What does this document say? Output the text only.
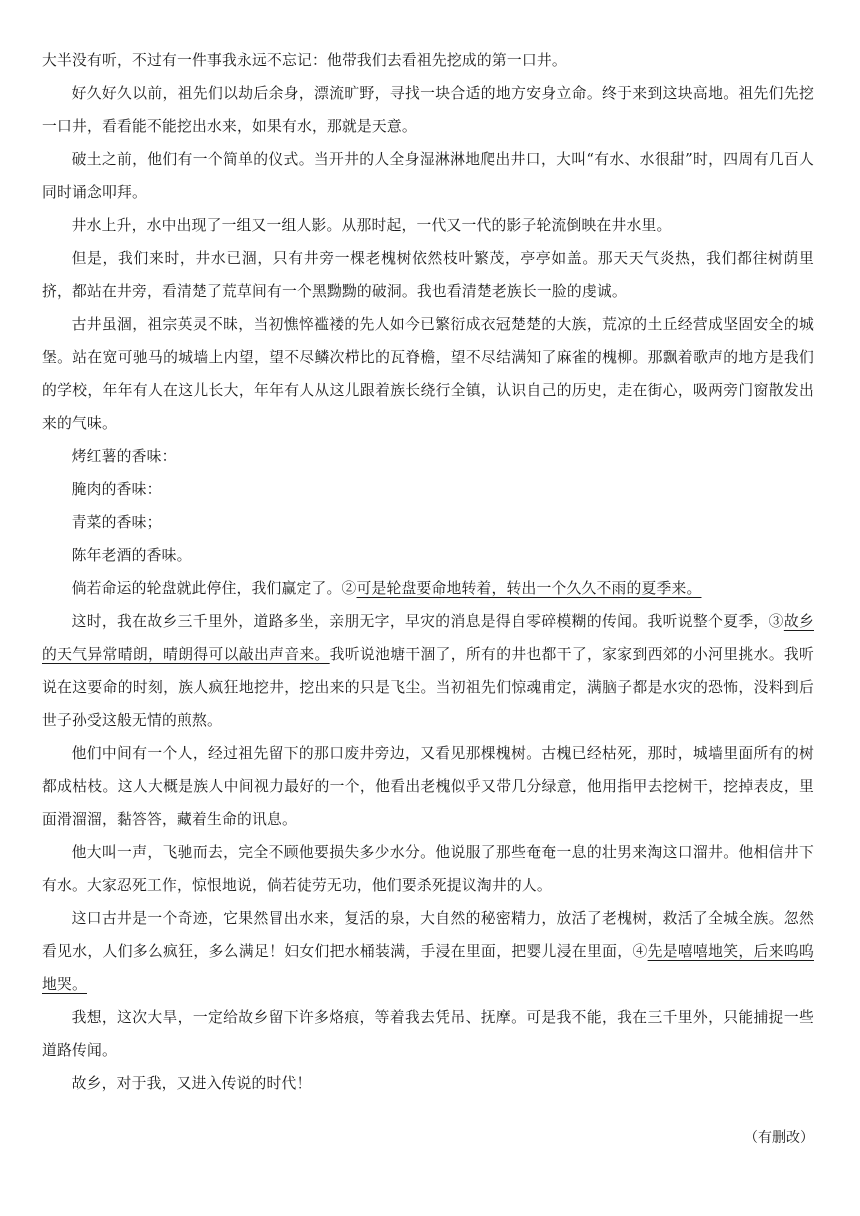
大半没有听，不过有一件事我永远不忘记：他带我们去看祖先挖成的第一口井。

好久好久以前，祖先们以劫后余身，漂流旷野，寻找一块合适的地方安身立命。终于来到这块高地。祖先们先挖一口井，看看能不能挖出水来，如果有水，那就是天意。

破土之前，他们有一个简单的仪式。当开井的人全身湿淋淋地爬出井口，大叫“有水、水很甜”时，四周有几百人同时诵念叩拜。

井水上升，水中出现了一组又一组人影。从那时起，一代又一代的影子轮流倒映在井水里。

但是，我们来时，井水已涸，只有井旁一棵老槐树依然枝叶繁茂，亭亭如盖。那天天气炎热，我们都往树荫里挤，都站在井旁，看清楚了荒草间有一个黑黝黝的破洞。我也看清楚老族长一脸的虔诚。

古井虽涸，祖宗英灵不昧，当初憔悴褴褛的先人如今已繁衍成衣冠楚楚的大族，荒凉的土丘经营成坚固安全的城堡。站在宽可驰马的城墙上内望，望不尽鳞次栉比的瓦脊檐，望不尽结满知了麻雀的槐柳。那飘着歌声的地方是我们的学校，年年有人在这儿长大，年年有人从这儿跟着族长绕行全镇，认识自己的历史，走在街心，吸两旁门窗散发出来的气味。

烤红薯的香味：

腌肉的香味：

青菜的香味；

陈年老酒的香味。

倘若命运的轮盘就此停住，我们赢定了。②可是轮盘要命地转着，转出一个久久不雨的夏季来。

这时，我在故乡三千里外，道路多坐，亲朋无字，早灾的消息是得自零碎模糊的传闻。我听说整个夏季，③故乡的天气异常晴朗，晴朗得可以敲出声音来。我听说池塘干涸了，所有的井也都干了，家家到西郊的小河里挑水。我听说在这要命的时刻，族人疯狂地挖井，挖出来的只是飞尘。当初祖先们惊魂甫定，满脑子都是水灾的恐怖，没料到后世子孙受这般无情的煎熬。

他们中间有一个人，经过祖先留下的那口废井旁边，又看见那棵槐树。古槐已经枯死，那时，城墙里面所有的树都成枯枝。这人大概是族人中间视力最好的一个，他看出老槐似乎又带几分绿意，他用指甲去挖树干，挖掉表皮，里面滑溜溜，黏答答，藏着生命的讯息。

他大叫一声，飞驰而去，完全不顾他要损失多少水分。他说服了那些奄奄一息的壮男来淘这口溜井。他相信井下有水。大家忍死工作，惊恨地说，倘若徒劳无功，他们要杀死提议淘井的人。

这口古井是一个奇迹，它果然冒出水来，复活的泉，大自然的秘密精力，放活了老槐树，救活了全城全族。忽然看见水，人们多么疯狂，多么满足！妇女们把水桶装满，手浸在里面，把婴儿浸在里面，④先是嘻嘻地笑，后来呜呜地哭。

我想，这次大旱，一定给故乡留下许多烙痕，等着我去凭吊、抚摩。可是我不能，我在三千里外，只能捕捉一些道路传闻。

故乡，对于我，又进入传说的时代！

（有删改）
